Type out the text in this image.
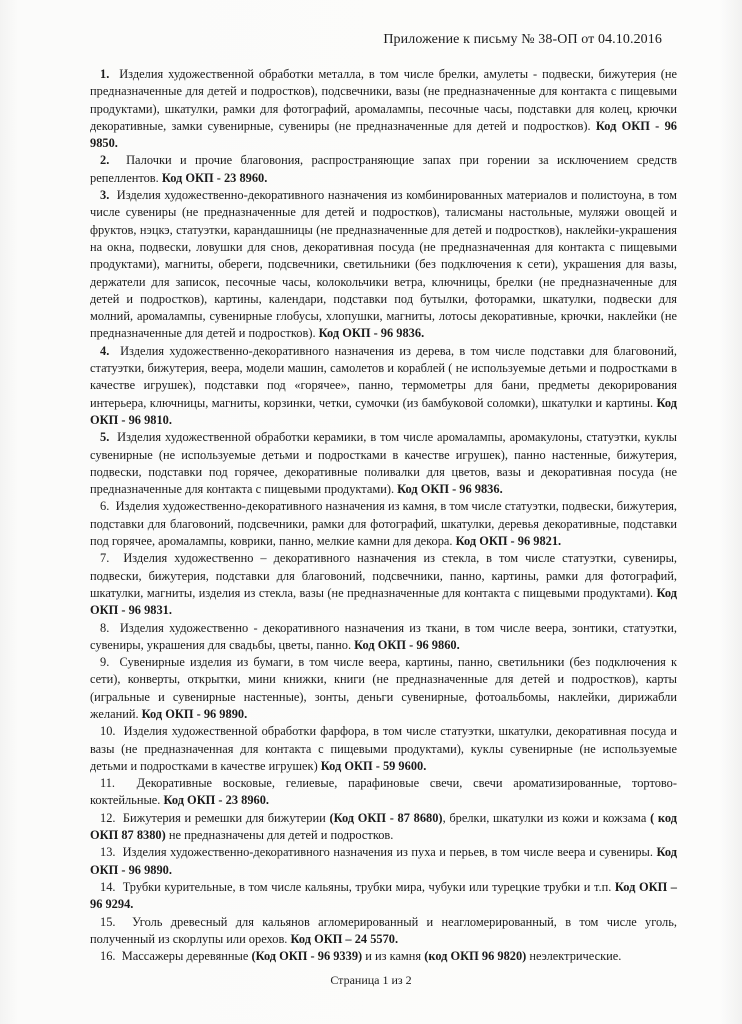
Приложение к письму № 38-ОП от 04.10.2016

1. Изделия художественной обработки металла, в том числе брелки, амулеты - подвески, бижутерия (не предназначенные для детей и подростков), подсвечники, вазы (не предназначенные для контакта с пищевыми продуктами), шкатулки, рамки для фотографий, аромалампы, песочные часы, подставки для колец, крючки декоративные, замки сувенирные, сувениры (не предназначенные для детей и подростков). Код ОКП - 96 9850.

2. Палочки и прочие благовония, распространяющие запах при горении за исключением средств репеллентов. Код ОКП - 23 8960.

3. Изделия художественно-декоративного назначения из комбинированных материалов и полистоуна, в том числе сувениры (не предназначенные для детей и подростков), талисманы настольные, муляжи овощей и фруктов, нэцкэ, статуэтки, карандашницы (не предназначенные для детей и подростков), наклейки-украшения на окна, подвески, ловушки для снов, декоративная посуда (не предназначенная для контакта с пищевыми продуктами), магниты, обереги, подсвечники, светильники (без подключения к сети), украшения для вазы, держатели для записок, песочные часы, колокольчики ветра, ключницы, брелки (не предназначенные для детей и подростков), картины, календари, подставки под бутылки, фоторамки, шкатулки, подвески для молний, аромалампы, сувенирные глобусы, хлопушки, магниты, лотосы декоративные, крючки, наклейки (не предназначенные для детей и подростков). Код ОКП - 96 9836.

4. Изделия художественно-декоративного назначения из дерева, в том числе подставки для благовоний, статуэтки, бижутерия, веера, модели машин, самолетов и кораблей ( не используемые детьми и подростками в качестве игрушек), подставки под «горячее», панно, термометры для бани, предметы декорирования интерьера, ключницы, магниты, корзинки, четки, сумочки (из бамбуковой соломки), шкатулки и картины. Код ОКП - 96 9810.

5. Изделия художественной обработки керамики, в том числе аромалампы, аромакулоны, статуэтки, куклы сувенирные (не используемые детьми и подростками в качестве игрушек), панно настенные, бижутерия, подвески, подставки под горячее, декоративные поливалки для цветов, вазы и декоративная посуда (не предназначенные для контакта с пищевыми продуктами). Код ОКП - 96 9836.

6. Изделия художественно-декоративного назначения из камня, в том числе статуэтки, подвески, бижутерия, подставки для благовоний, подсвечники, рамки для фотографий, шкатулки, деревья декоративные, подставки под горячее, аромалампы, коврики, панно, мелкие камни для декора. Код ОКП - 96 9821.

7. Изделия художественно – декоративного назначения из стекла, в том числе статуэтки, сувениры, подвески, бижутерия, подставки для благовоний, подсвечники, панно, картины, рамки для фотографий, шкатулки, магниты, изделия из стекла, вазы (не предназначенные для контакта с пищевыми продуктами). Код ОКП - 96 9831.

8. Изделия художественно - декоративного назначения из ткани, в том числе веера, зонтики, статуэтки, сувениры, украшения для свадьбы, цветы, панно. Код ОКП - 96 9860.

9. Сувенирные изделия из бумаги, в том числе веера, картины, панно, светильники (без подключения к сети), конверты, открытки, мини книжки, книги (не предназначенные для детей и подростков), карты (игральные и сувенирные настенные), зонты, деньги сувенирные, фотоальбомы, наклейки, дирижабли желаний. Код ОКП - 96 9890.

10. Изделия художественной обработки фарфора, в том числе статуэтки, шкатулки, декоративная посуда и вазы (не предназначенная для контакта с пищевыми продуктами), куклы сувенирные (не используемые детьми и подростками в качестве игрушек) Код ОКП - 59 9600.

11. Декоративные восковые, гелиевые, парафиновые свечи, свечи ароматизированные, тортово-коктейльные. Код ОКП - 23 8960.

12. Бижутерия и ремешки для бижутерии (Код ОКП - 87 8680), брелки, шкатулки из кожи и кожзама ( код ОКП 87 8380) не предназначены для детей и подростков.

13. Изделия художественно-декоративного назначения из пуха и перьев, в том числе веера и сувениры. Код ОКП - 96 9890.

14. Трубки курительные, в том числе кальяны, трубки мира, чубуки или турецкие трубки и т.п. Код ОКП – 96 9294.

15. Уголь древесный для кальянов агломерированный и неагломерированный, в том числе уголь, полученный из скорлупы или орехов. Код ОКП – 24 5570.

16. Массажеры деревянные (Код ОКП - 96 9339) и из камня (код ОКП 96 9820) неэлектрические.

Страница 1 из 2
